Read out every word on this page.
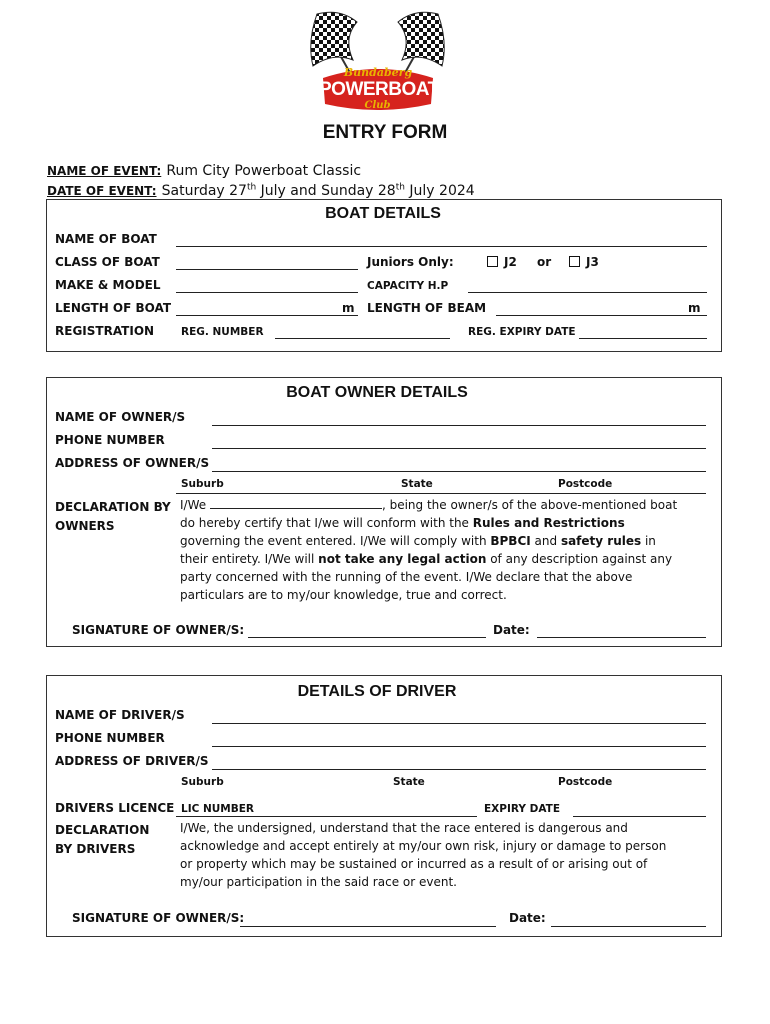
Bundaberg
POWERBOAT
Club
ENTRY FORM
NAME OF EVENT: Rum City Powerboat Classic
DATE OF EVENT: Saturday 27th July and Sunday 28th July 2024
BOAT DETAILS
NAME OF BOAT
CLASS OF BOAT	Juniors Only:	J2 or	J3
MAKE & MODEL	CAPACITY H.P
LENGTH OF BOAT	m LENGTH OF BEAM	m
REGISTRATION	REG. NUMBER	REG. EXPIRY DATE
BOAT OWNER DETAILS
NAME OF OWNER/S
PHONE NUMBER
ADDRESS OF OWNER/S
Suburb	State	Postcode
DECLARATION BY
OWNERS
I/We	, being the owner/s of the above-mentioned boat
do hereby certify that I/we will conform with the Rules and Restrictions
governing the event entered. I/We will comply with BPBCI and safety rules in
their entirety. I/We will not take any legal action of any description against any
party concerned with the running of the event. I/We declare that the above
particulars are to my/our knowledge, true and correct.
SIGNATURE OF OWNER/S:	Date:
DETAILS OF DRIVER
NAME OF DRIVER/S
PHONE NUMBER
ADDRESS OF DRIVER/S
Suburb	State	Postcode
DRIVERS LICENCE LIC NUMBER	EXPIRY DATE
DECLARATION
BY DRIVERS
I/We, the undersigned, understand that the race entered is dangerous and
acknowledge and accept entirely at my/our own risk, injury or damage to person
or property which may be sustained or incurred as a result of or arising out of
my/our participation in the said race or event.
SIGNATURE OF OWNER/S:	Date:
